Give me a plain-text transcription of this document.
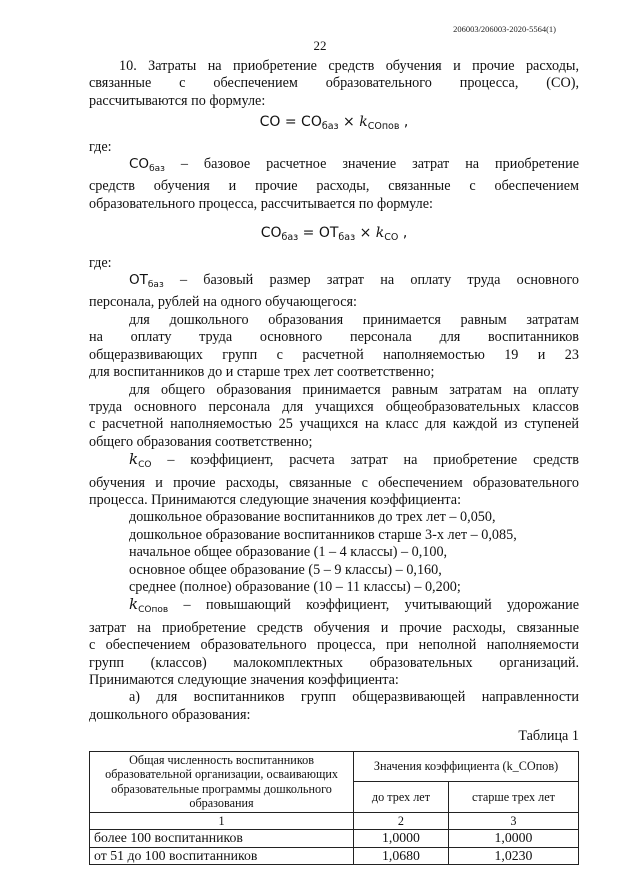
206003/206003-2020-5564(1)
22
10. Затраты на приобретение средств обучения и прочие расходы,
связанные с обеспечением образовательного процесса, (СО),
рассчитываются по формуле:
СО = $СО_{баз} \times k_{СОпов}$ ,
где:
$СО_{баз}$ – базовое расчетное значение затрат на приобретение
средств обучения и прочие расходы, связанные с обеспечением
образовательного процесса, рассчитывается по формуле:
$СО_{баз} = ОТ_{баз} \times k_{СО}$ ,
где:
$ОТ_{баз}$ – базовый размер затрат на оплату труда основного
персонала, рублей на одного обучающегося:
для дошкольного образования принимается равным затратам
на оплату труда основного персонала для воспитанников
общеразвивающих групп с расчетной наполняемостью 19 и 23
для воспитанников до и старше трех лет соответственно;
для общего образования принимается равным затратам на оплату
труда основного персонала для учащихся общеобразовательных классов
с расчетной наполняемостью 25 учащихся на класс для каждой из ступеней
общего образования соответственно;
$k_{СО}$ – коэффициент, расчета затрат на приобретение средств
обучения и прочие расходы, связанные с обеспечением образовательного
процесса. Принимаются следующие значения коэффициента:
дошкольное образование воспитанников до трех лет – 0,050,
дошкольное образование воспитанников старше 3-х лет – 0,085,
начальное общее образование (1 – 4 классы) – 0,100,
основное общее образование (5 – 9 классы) – 0,160,
среднее (полное) образование (10 – 11 классы) – 0,200;
$k_{СОпов}$ – повышающий коэффициент, учитывающий удорожание
затрат на приобретение средств обучения и прочие расходы, связанные
с обеспечением образовательного процесса, при неполной наполняемости
групп (классов) малокомплектных образовательных организаций.
Принимаются следующие значения коэффициента:
а) для воспитанников групп общеразвивающей направленности
дошкольного образования:
Таблица 1
Общая численность воспитанников образовательной организации, осваивающих образовательные программы дошкольного образования	Значения коэффициента (k_СОпов)	
	до трех лет	старше трех лет
1	2	3
более 100 воспитанников	1,0000	1,0000
от 51 до 100 воспитанников	1,0680	1,0230
